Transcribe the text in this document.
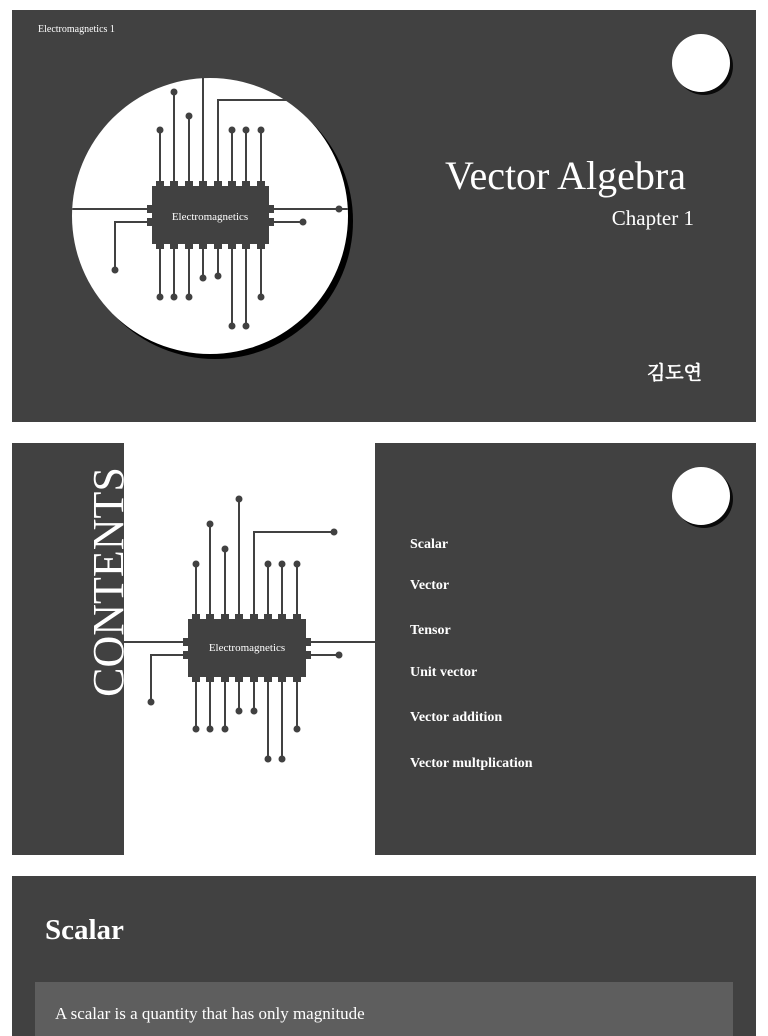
Electromagnetics 1
Electromagnetics
Vector Algebra
Chapter 1
김도연
CONTENTS	Electromagnetics
Scalar
Vector
Tensor
Unit vector
Vector addition
Vector multplication
Scalar
A scalar is a quantity that has only magnitude
